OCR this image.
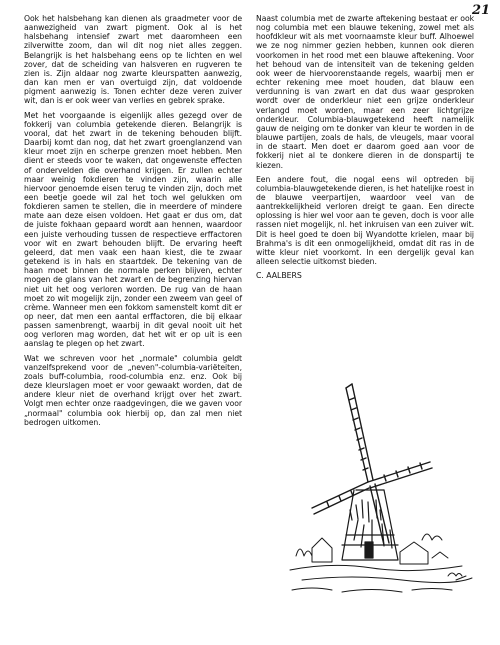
21

Ook het halsbehang kan dienen als graadmeter voor de aanwezigheid van zwart pigment. Ook al is het halsbehang intensief zwart met daaromheen een zilverwitte zoom, dan wil dit nog niet alles zeggen. Belangrijk is het halsbehang eens op te lichten en wel zover, dat de scheiding van halsveren en rugveren te zien is. Zijn aldaar nog zwarte kleurspatten aanwezig, dan kan men er van overtuigd zijn, dat voldoende pigment aanwezig is. Tonen echter deze veren zuiver wit, dan is er ook weer van verlies en gebrek sprake.

Met het voorgaande is eigenlijk alles gezegd over de fokkerij van columbia getekende dieren. Belangrijk is vooral, dat het zwart in de tekening behouden blijft. Daarbij komt dan nog, dat het zwart groenglanzend van kleur moet zijn en scherpe grenzen moet hebben. Men dient er steeds voor te waken, dat ongewenste effecten of ondervelden die overhand krijgen. Er zullen echter maar weinig fokdieren te vinden zijn, waarin alle hiervoor genoemde eisen terug te vinden zijn, doch met een beetje goede wil zal het toch wel gelukken om fokdieren samen te stellen, die in meerdere of mindere mate aan deze eisen voldoen. Het gaat er dus om, dat de juiste fokhaan gepaard wordt aan hennen, waardoor een juiste verhouding tussen de respectieve erffactoren voor wit en zwart behouden blijft. De ervaring heeft geleerd, dat men vaak een haan kiest, die te zwaar getekend is in hals en staartdek. De tekening van de haan moet binnen de normale perken blijven, echter mogen de glans van het zwart en de begrenzing hiervan niet uit het oog verloren worden. De rug van de haan moet zo wit mogelijk zijn, zonder een zweem van geel of crème. Wanneer men een fokkom samenstelt komt dit er op neer, dat men een aantal erffactoren, die bij elkaar passen samenbrengt, waarbij in dit geval nooit uit het oog verloren mag worden, dat het wit er op uit is een aanslag te plegen op het zwart.

Wat we schreven voor het „normale" columbia geldt vanzelfsprekend voor de „neven"-columbia-variëteiten, zoals buff-columbia, rood-columbia enz. enz. Ook bij deze kleurslagen moet er voor gewaakt worden, dat de andere kleur niet de overhand krijgt over het zwart. Volgt men echter onze raadgevingen, die we gaven voor „normaal" columbia ook hierbij op, dan zal men niet bedrogen uitkomen.

Naast columbia met de zwarte aftekening bestaat er ook nog columbia met een blauwe tekening, zowel met als hoofdkleur wit als met voornaamste kleur buff. Alhoewel we ze nog nimmer gezien hebben, kunnen ook dieren voorkomen in het rood met een blauwe aftekening. Voor het behoud van de intensiteit van de tekening gelden ook weer de hiervoorenstaande regels, waarbij men er echter rekening mee moet houden, dat blauw een verdunning is van zwart en dat dus waar gesproken wordt over de onderkleur niet een grijze onderkleur verlangd moet worden, maar een zeer lichtgrijze onderkleur. Columbia-blauwgetekend heeft namelijk gauw de neiging om te donker van kleur te worden in de blauwe partijen, zoals de hals, de vleugels, maar vooral in de staart. Men doet er daarom goed aan voor de fokkerij niet al te donkere dieren in de donspartij te kiezen.

Een andere fout, die nogal eens wil optreden bij columbia-blauwgetekende dieren, is het hatelijke roest in de blauwe veerpartijen, waardoor veel van de aantrekkelijkheid verloren dreigt te gaan. Een directe oplossing is hier wel voor aan te geven, doch is voor alle rassen niet mogelijk, nl. het inkruisen van een zuiver wit. Dit is heel goed te doen bij Wyandotte krielen, maar bij Brahma's is dit een onmogelijkheid, omdat dit ras in de witte kleur niet voorkomt. In een dergelijk geval kan alleen selectie uitkomst bieden.

C. AALBERS
